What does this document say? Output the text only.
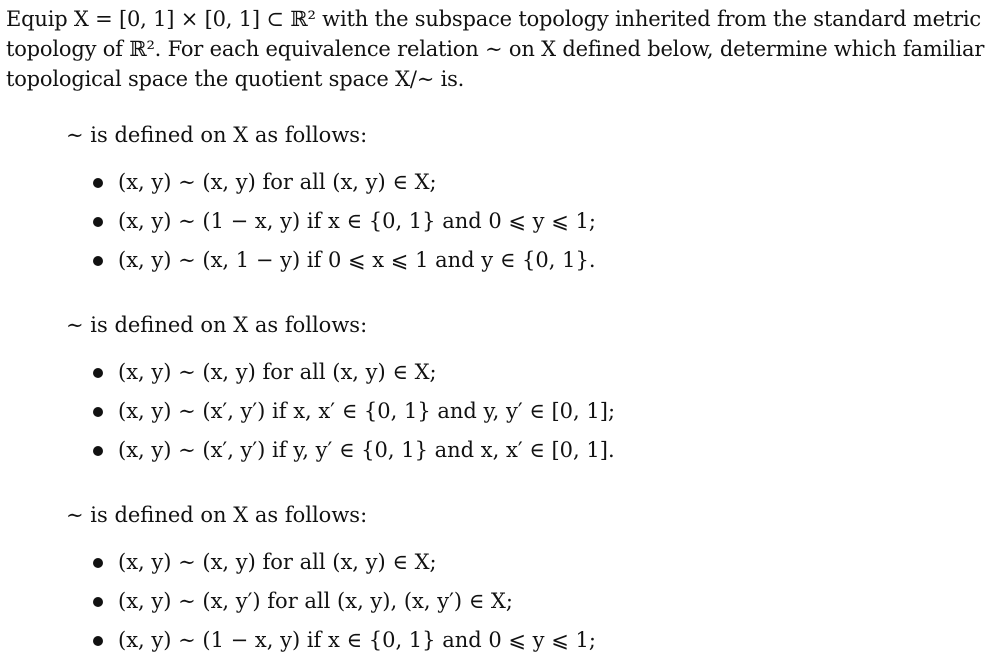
Equip X = [0, 1] × [0, 1] ⊂ ℝ² with the subspace topology inherited from the standard metric
topology of ℝ². For each equivalence relation ∼ on X defined below, determine which familiar
topological space the quotient space X/∼ is.
∼ is defined on X as follows:
(x, y) ∼ (x, y) for all (x, y) ∈ X;
(x, y) ∼ (1 − x, y) if x ∈ {0, 1} and 0 ⩽ y ⩽ 1;
(x, y) ∼ (x, 1 − y) if 0 ⩽ x ⩽ 1 and y ∈ {0, 1}.
∼ is defined on X as follows:
(x, y) ∼ (x, y) for all (x, y) ∈ X;
(x, y) ∼ (x′, y′) if x, x′ ∈ {0, 1} and y, y′ ∈ [0, 1];
(x, y) ∼ (x′, y′) if y, y′ ∈ {0, 1} and x, x′ ∈ [0, 1].
∼ is defined on X as follows:
(x, y) ∼ (x, y) for all (x, y) ∈ X;
(x, y) ∼ (x, y′) for all (x, y), (x, y′) ∈ X;
(x, y) ∼ (1 − x, y) if x ∈ {0, 1} and 0 ⩽ y ⩽ 1;
